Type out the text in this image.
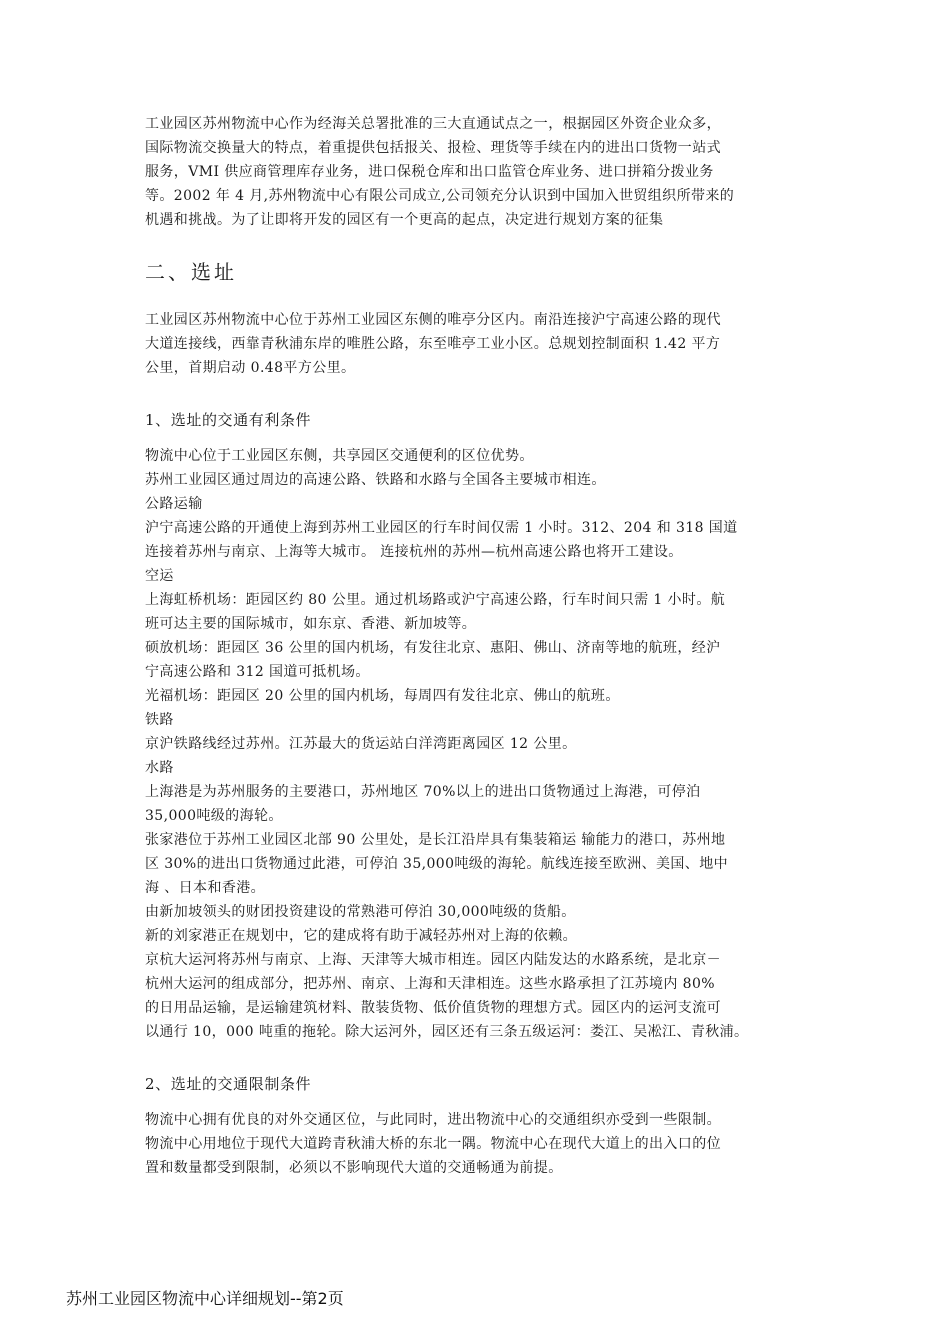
工业园区苏州物流中心作为经海关总署批准的三大直通试点之一，根据园区外资企业众多，
国际物流交换量大的特点，着重提供包括报关、报检、理货等手续在内的进出口货物一站式
服务，VMI 供应商管理库存业务，进口保税仓库和出口监管仓库业务、进口拼箱分拨业务
等。2002 年 4 月,苏州物流中心有限公司成立,公司领充分认识到中国加入世贸组织所带来的
机遇和挑战。为了让即将开发的园区有一个更高的起点，决定进行规划方案的征集

二、选址

工业园区苏州物流中心位于苏州工业园区东侧的唯亭分区内。南沿连接沪宁高速公路的现代
大道连接线，西靠青秋浦东岸的唯胜公路，东至唯亭工业小区。总规划控制面积 1.42 平方
公里，首期启动 0.48平方公里。

1、选址的交通有利条件

物流中心位于工业园区东侧，共享园区交通便利的区位优势。
苏州工业园区通过周边的高速公路、铁路和水路与全国各主要城市相连。
公路运输
沪宁高速公路的开通使上海到苏州工业园区的行车时间仅需 1 小时。312、204 和 318 国道
连接着苏州与南京、上海等大城市。 连接杭州的苏州—杭州高速公路也将开工建设。
空运
上海虹桥机场：距园区约 80 公里。通过机场路或沪宁高速公路，行车时间只需 1 小时。航
班可达主要的国际城市，如东京、香港、新加坡等。
硕放机场：距园区 36 公里的国内机场，有发往北京、惠阳、佛山、济南等地的航班，经沪
宁高速公路和 312 国道可抵机场。
光福机场：距园区 20 公里的国内机场，每周四有发往北京、佛山的航班。
铁路
京沪铁路线经过苏州。江苏最大的货运站白洋湾距离园区 12 公里。
水路
上海港是为苏州服务的主要港口，苏州地区 70%以上的进出口货物通过上海港，可停泊
35,000吨级的海轮。
张家港位于苏州工业园区北部 90 公里处，是长江沿岸具有集装箱运 输能力的港口，苏州地
区 30%的进出口货物通过此港，可停泊 35,000吨级的海轮。航线连接至欧洲、美国、地中
海 、日本和香港。
由新加坡领头的财团投资建设的常熟港可停泊 30,000吨级的货船。
新的刘家港正在规划中，它的建成将有助于减轻苏州对上海的依赖。
京杭大运河将苏州与南京、上海、天津等大城市相连。园区内陆发达的水路系统，是北京－
杭州大运河的组成部分，把苏州、南京、上海和天津相连。这些水路承担了江苏境内 80%
的日用品运输，是运输建筑材料、散装货物、低价值货物的理想方式。园区内的运河支流可
以通行 10，000 吨重的拖轮。除大运河外，园区还有三条五级运河：娄江、吴凇江、青秋浦。

2、选址的交通限制条件

物流中心拥有优良的对外交通区位，与此同时，进出物流中心的交通组织亦受到一些限制。
物流中心用地位于现代大道跨青秋浦大桥的东北一隅。物流中心在现代大道上的出入口的位
置和数量都受到限制，必须以不影响现代大道的交通畅通为前提。

苏州工业园区物流中心详细规划--第2页
